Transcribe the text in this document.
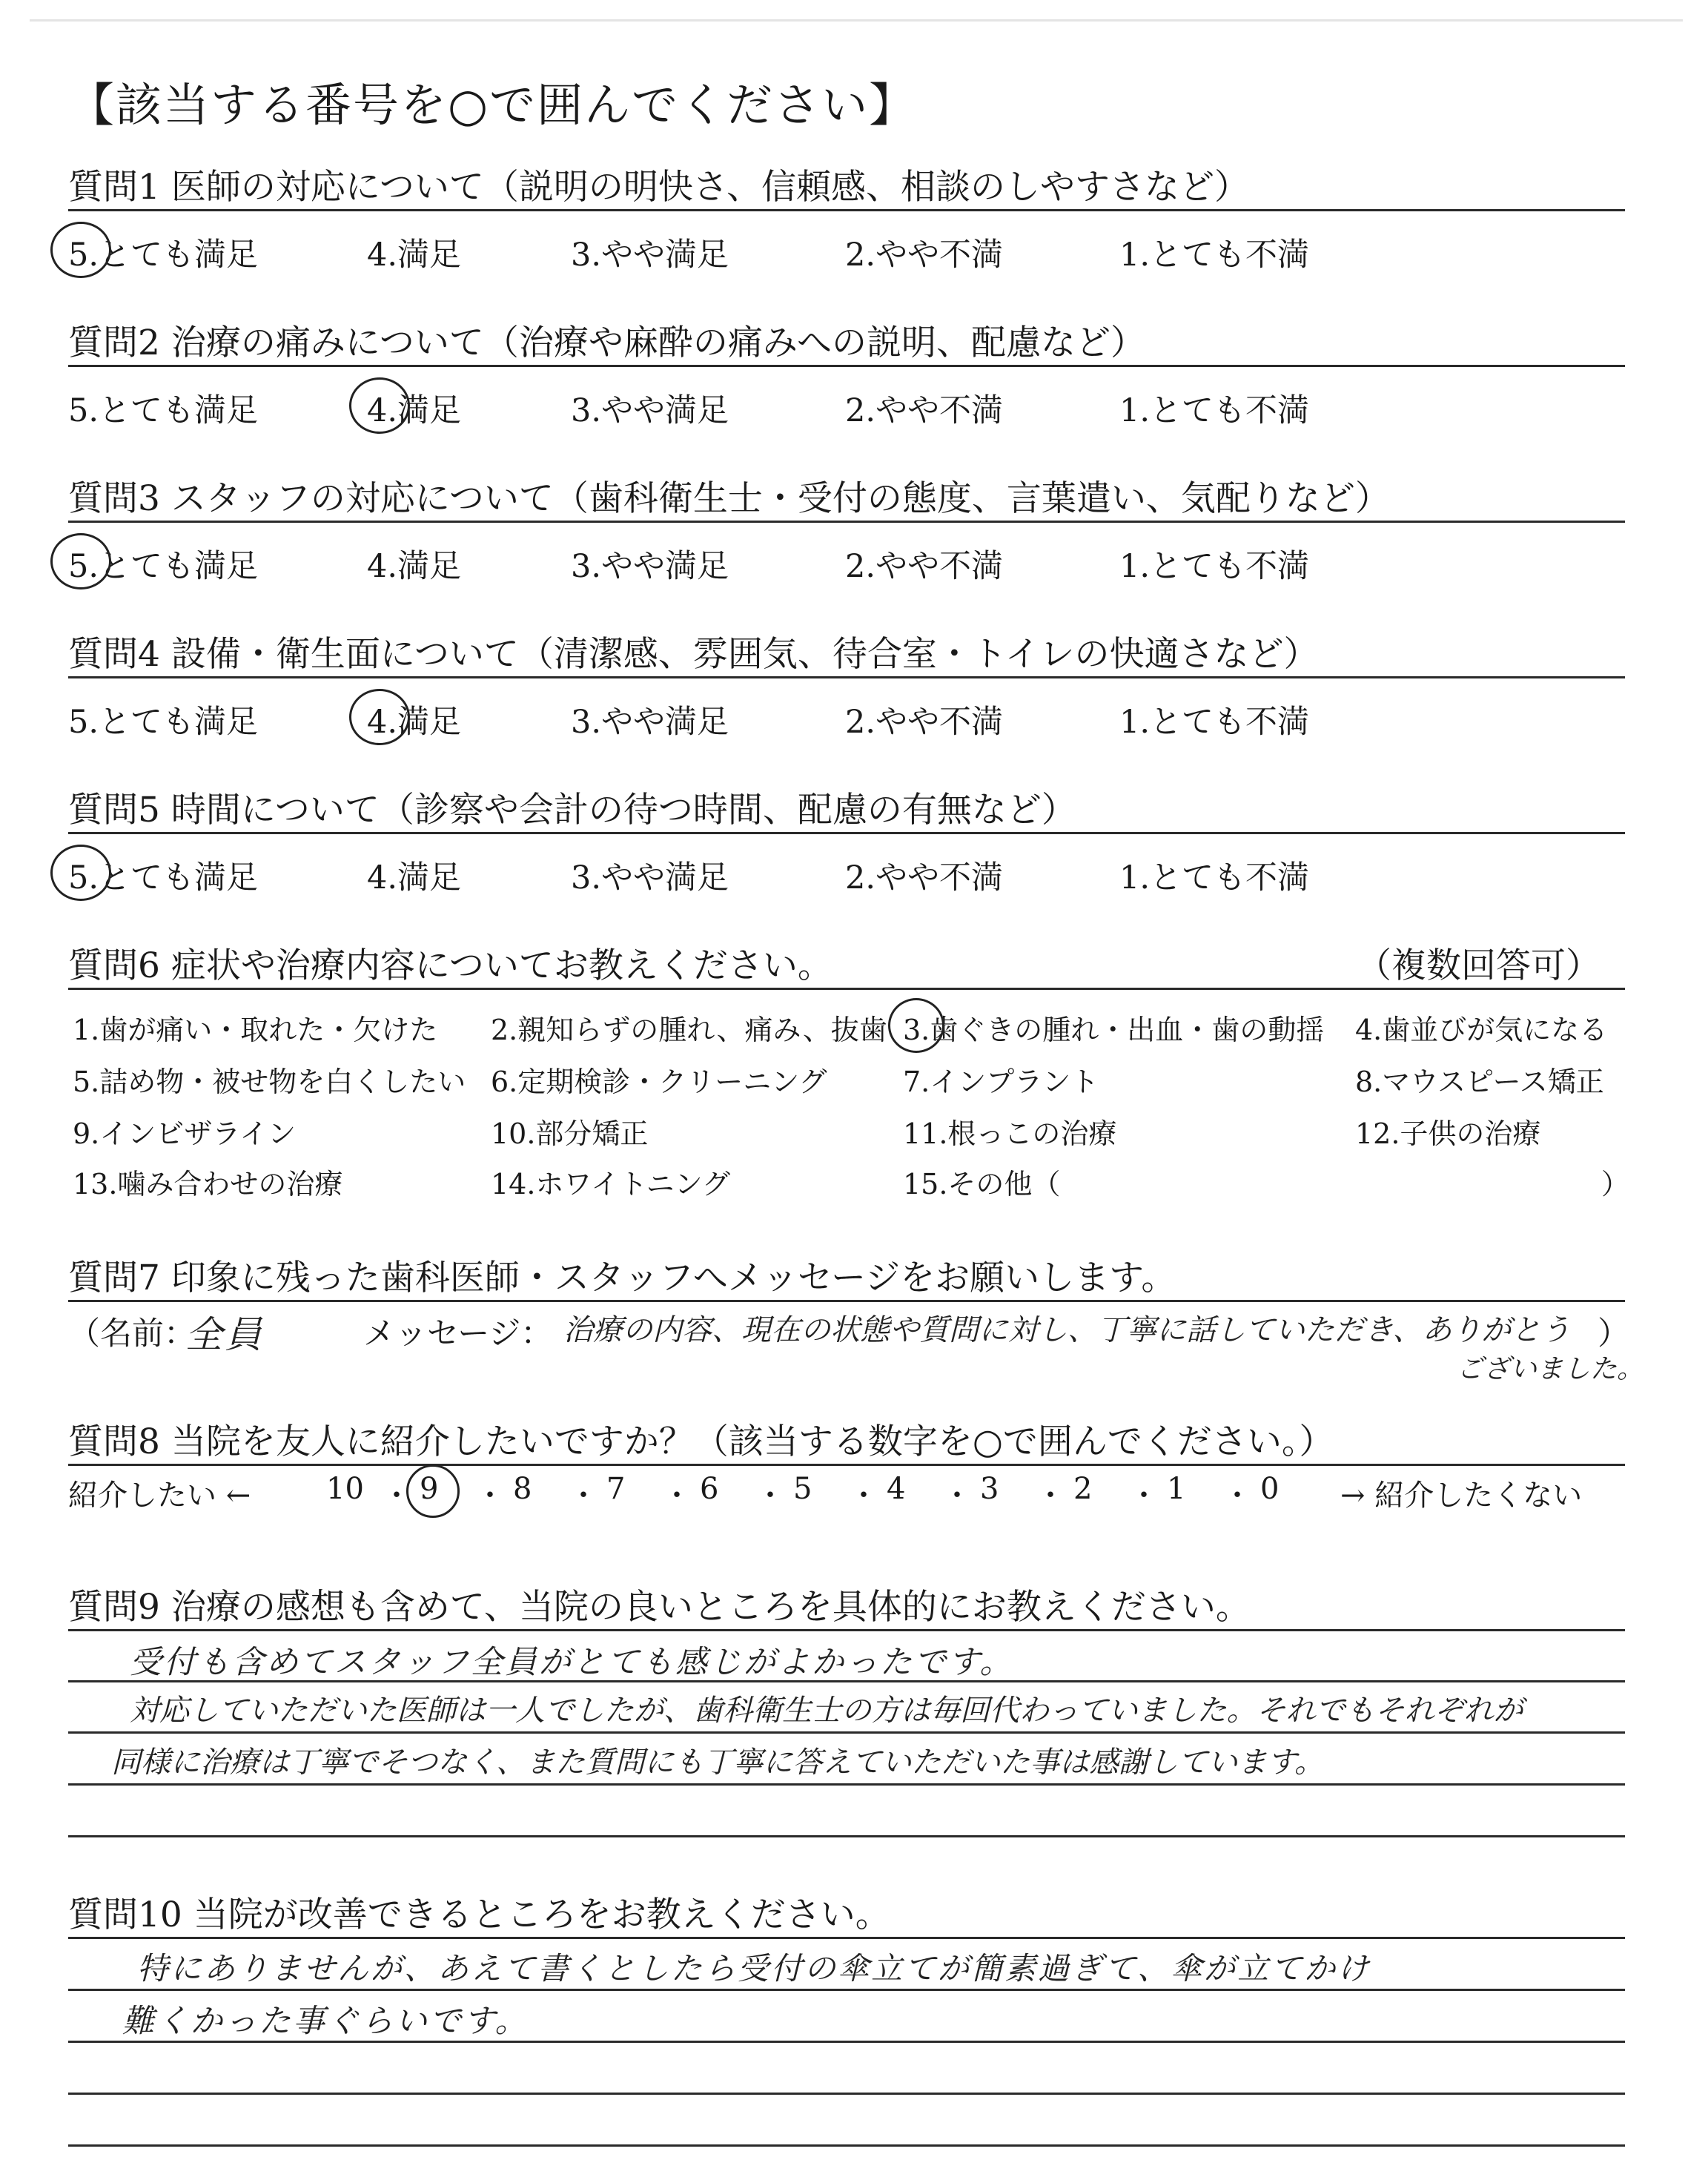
【該当する番号を○で囲んでください】
質問1 医師の対応について（説明の明快さ、信頼感、相談のしやすさなど）
5.とても満足	4.満足	3.やや満足	2.やや不満	1.とても不満
質問2 治療の痛みについて（治療や麻酔の痛みへの説明、配慮など）
5.とても満足	4.満足	3.やや満足	2.やや不満	1.とても不満
質問3 スタッフの対応について（歯科衛生士・受付の態度、言葉遣い、気配りなど）
5.とても満足	4.満足	3.やや満足	2.やや不満	1.とても不満
質問4 設備・衛生面について（清潔感、雰囲気、待合室・トイレの快適さなど）
5.とても満足	4.満足	3.やや満足	2.やや不満	1.とても不満
質問5 時間について（診察や会計の待つ時間、配慮の有無など）
5.とても満足	4.満足	3.やや満足	2.やや不満	1.とても不満
質問6 症状や治療内容についてお教えください。	（複数回答可）
1.歯が痛い・取れた・欠けた 2.親知らずの腫れ、痛み、抜歯 3.歯ぐきの腫れ・出血・歯の動揺 4.歯並びが気になる
5.詰め物・被せ物を白くしたい 6.定期検診・クリーニング	7.インプラント	8.マウスピース矯正
9.インビザライン	10.部分矯正	11.根っこの治療	12.子供の治療
13.噛み合わせの治療	14.ホワイトニング	15.その他（	）
質問7 印象に残った歯科医師・スタッフへメッセージをお願いします。
（名前：
全員	メッセージ： 治療の内容、現在の状態や質問に対し、丁寧に話していただき、ありがとう ）
ございました。
質問8 当院を友人に紹介したいですか？（該当する数字を○で囲んでください。）
紹介したい ←	10 ・ 9 ・ 8 ・ 7 ・ 6 ・ 5 ・ 4 ・ 3 ・ 2 ・ 1 ・ 0 → 紹介したくない
質問9 治療の感想も含めて、当院の良いところを具体的にお教えください。
受付も含めてスタッフ全員がとても感じがよかったです。
対応していただいた医師は一人でしたが、歯科衛生士の方は毎回代わっていました。それでもそれぞれが
同様に治療は丁寧でそつなく、また質問にも丁寧に答えていただいた事は感謝しています。
質問10 当院が改善できるところをお教えください。
特にありませんが、あえて書くとしたら受付の傘立てが簡素過ぎて、傘が立てかけ
難くかった事ぐらいです。
